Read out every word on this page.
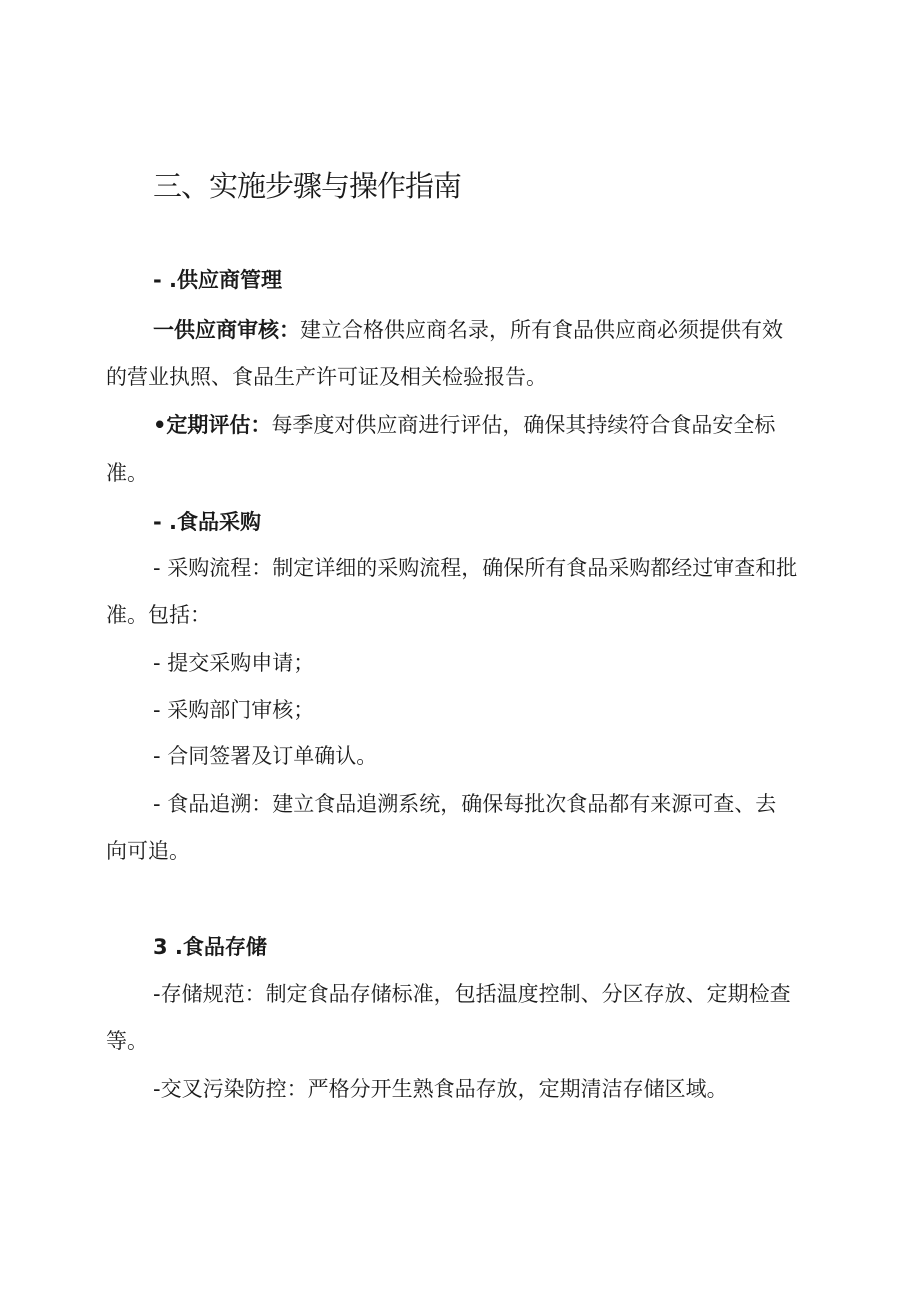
三、实施步骤与操作指南

- .供应商管理

一供应商审核：建立合格供应商名录，所有食品供应商必须提供有效

的营业执照、食品生产许可证及相关检验报告。

•定期评估：每季度对供应商进行评估，确保其持续符合食品安全标

准。

- .食品采购

- 采购流程：制定详细的采购流程，确保所有食品采购都经过审查和批

准。包括：

- 提交采购申请；

- 采购部门审核；

- 合同签署及订单确认。

- 食品追溯：建立食品追溯系统，确保每批次食品都有来源可查、去

向可追。

3 .食品存储

-存储规范：制定食品存储标准，包括温度控制、分区存放、定期检查

等。

-交叉污染防控：严格分开生熟食品存放，定期清洁存储区域。
